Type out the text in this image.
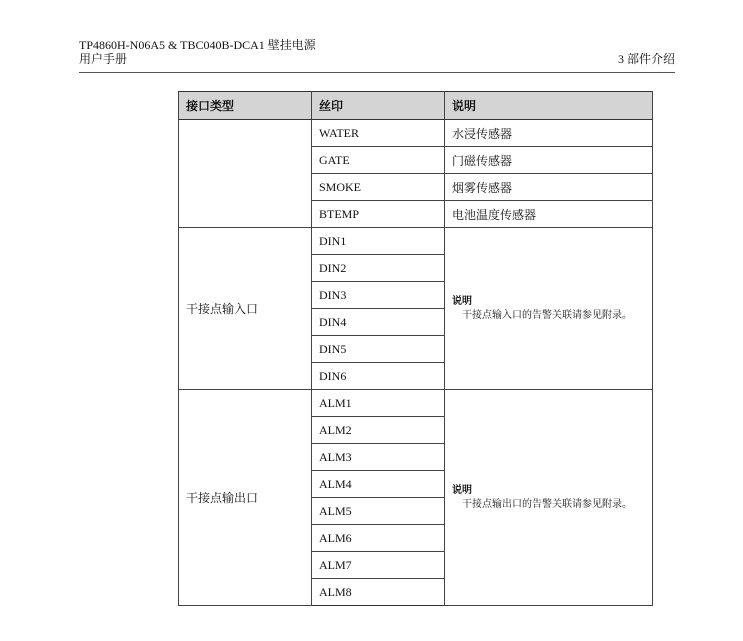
TP4860H-N06A5 & TBC040B-DCA1 壁挂电源
用户手册	3 部件介绍
接口类型	丝印	说明
	WATER	水浸传感器
	GATE	门磁传感器
	SMOKE	烟雾传感器
	BTEMP	电池温度传感器
干接点输入口	DIN1	说明
干接点输入口的告警关联请参见附录。

	DIN2	
	DIN3	
	DIN4	
	DIN5	
	DIN6	
干接点输出口	ALM1	说明
干接点输出口的告警关联请参见附录。

	ALM2	
	ALM3	
	ALM4	
	ALM5	
	ALM6	
	ALM7	
	ALM8	
